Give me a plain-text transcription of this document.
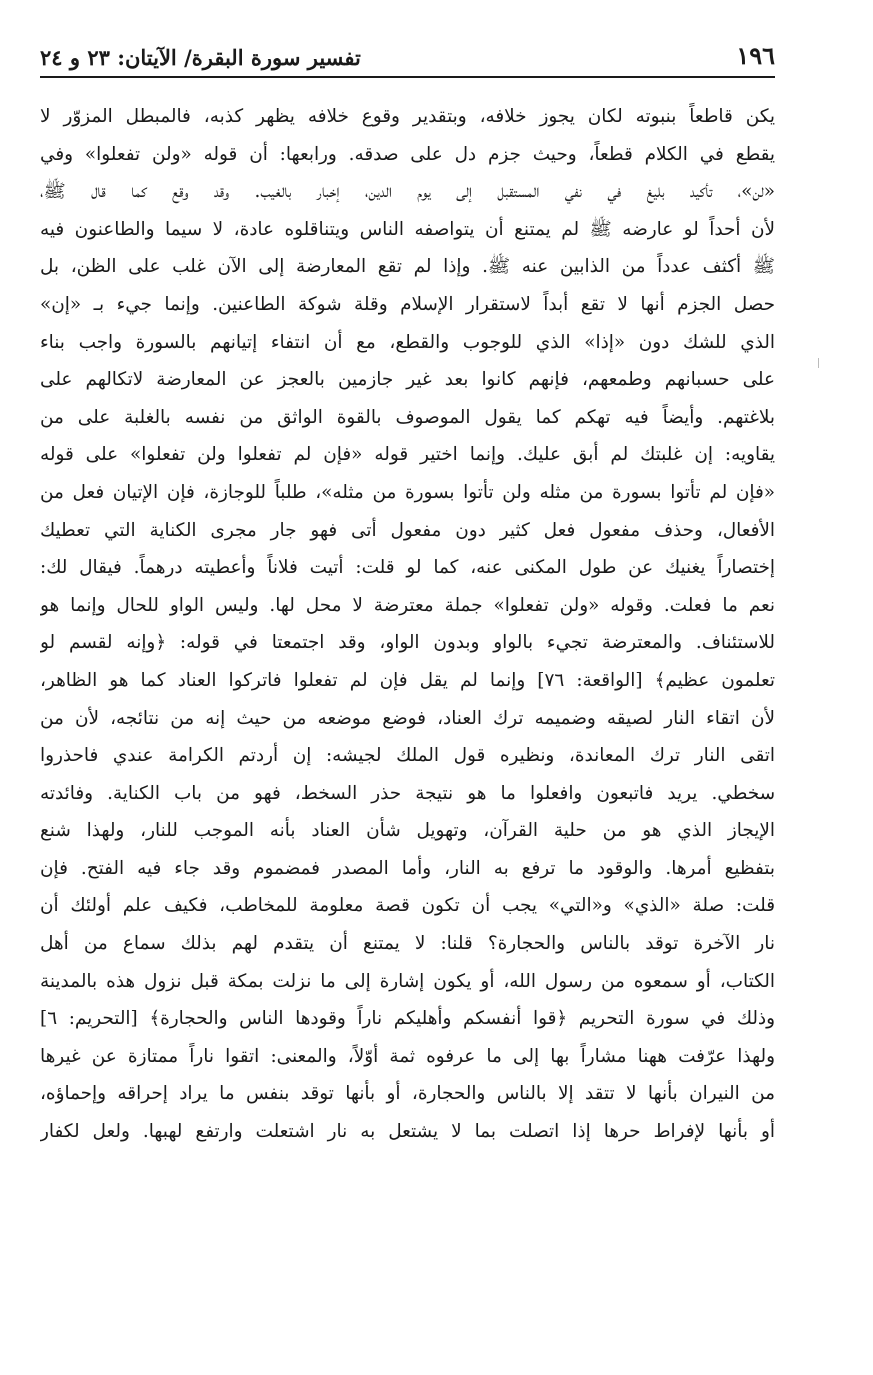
١٩٦
تفسير سورة البقرة/ الآيتان: ٢٣ و ٢٤
يكن قاطعاً بنبوته لكان يجوز خلافه، وبتقدير وقوع خلافه يظهر كذبه، فالمبطل المزوّر لا
يقطع في الكلام قطعاً، وحيث جزم دل على صدقه. ورابعها: أن قوله «ولن تفعلوا» وفي
«لن»، تأكيد بليغ في نفي المستقبل إلى يوم الدين، إخبار بالغيب. وقد وقع كما قال ﷺ،
لأن أحداً لو عارضه ﷺ لم يمتنع أن يتواصفه الناس ويتناقلوه عادة، لا سيما والطاعنون فيه
ﷺ أكثف عدداً من الذابين عنه ﷺ. وإذا لم تقع المعارضة إلى الآن غلب على الظن، بل
حصل الجزم أنها لا تقع أبداً لاستقرار الإسلام وقلة شوكة الطاعنين. وإنما جيء بـ «إن»
الذي للشك دون «إذا» الذي للوجوب والقطع، مع أن انتفاء إتيانهم بالسورة واجب بناء
على حسبانهم وطمعهم، فإنهم كانوا بعد غير جازمين بالعجز عن المعارضة لاتكالهم على
بلاغتهم. وأيضاً فيه تهكم كما يقول الموصوف بالقوة الواثق من نفسه بالغلبة على من
يقاويه: إن غلبتك لم أبق عليك. وإنما اختير قوله «فإن لم تفعلوا ولن تفعلوا» على قوله
«فإن لم تأتوا بسورة من مثله ولن تأتوا بسورة من مثله»، طلباً للوجازة، فإن الإتيان فعل من
الأفعال، وحذف مفعول فعل كثير دون مفعول أتى فهو جار مجرى الكناية التي تعطيك
إختصاراً يغنيك عن طول المكنى عنه، كما لو قلت: أتيت فلاناً وأعطيته درهماً. فيقال لك:
نعم ما فعلت. وقوله «ولن تفعلوا» جملة معترضة لا محل لها. وليس الواو للحال وإنما هو
للاستئناف. والمعترضة تجيء بالواو وبدون الواو، وقد اجتمعتا في قوله: ﴿وإنه لقسم لو
تعلمون عظيم﴾ [الواقعة: ٧٦] وإنما لم يقل فإن لم تفعلوا فاتركوا العناد كما هو الظاهر،
لأن اتقاء النار لصيقه وضميمه ترك العناد، فوضع موضعه من حيث إنه من نتائجه، لأن من
اتقى النار ترك المعاندة، ونظيره قول الملك لجيشه: إن أردتم الكرامة عندي فاحذروا
سخطي. يريد فاتبعون وافعلوا ما هو نتيجة حذر السخط، فهو من باب الكناية. وفائدته
الإيجاز الذي هو من حلية القرآن، وتهويل شأن العناد بأنه الموجب للنار، ولهذا شنع
بتفظيع أمرها. والوقود ما ترفع به النار، وأما المصدر فمضموم وقد جاء فيه الفتح. فإن
قلت: صلة «الذي» و«التي» يجب أن تكون قصة معلومة للمخاطب، فكيف علم أولئك أن
نار الآخرة توقد بالناس والحجارة؟ قلنا: لا يمتنع أن يتقدم لهم بذلك سماع من أهل
الكتاب، أو سمعوه من رسول الله، أو يكون إشارة إلى ما نزلت بمكة قبل نزول هذه بالمدينة
وذلك في سورة التحريم ﴿قوا أنفسكم وأهليكم ناراً وقودها الناس والحجارة﴾ [التحريم: ٦]
ولهذا عرّفت ههنا مشاراً بها إلى ما عرفوه ثمة أوّلاً، والمعنى: اتقوا ناراً ممتازة عن غيرها
من النيران بأنها لا تتقد إلا بالناس والحجارة، أو بأنها توقد بنفس ما يراد إحراقه وإحماؤه،
أو بأنها لإفراط حرها إذا اتصلت بما لا يشتعل به نار اشتعلت وارتفع لهبها. ولعل لكفار
